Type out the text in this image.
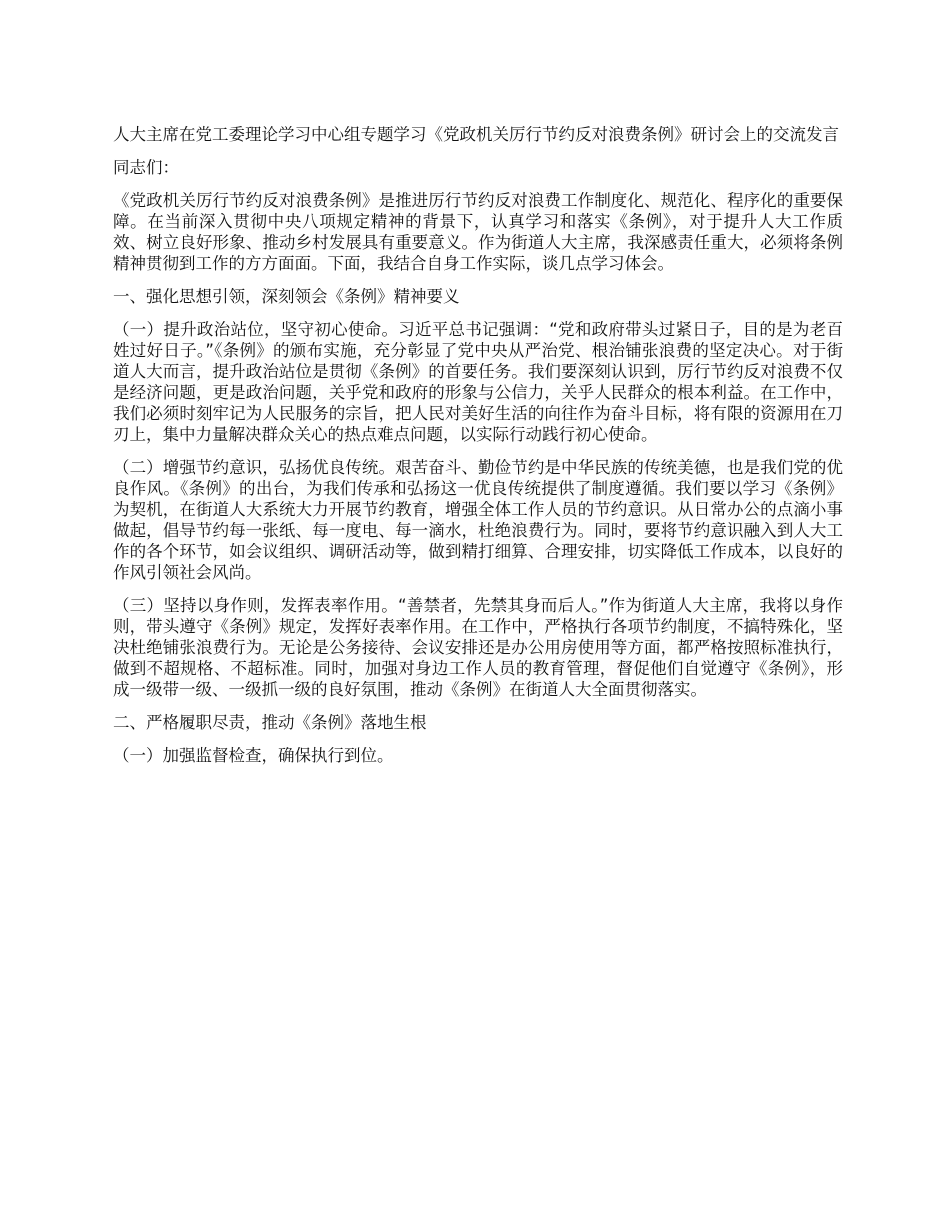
人大主席在党工委理论学习中心组专题学习《党政机关厉行节约反对浪费条例》研讨会上的交流发言

同志们：

《党政机关厉行节约反对浪费条例》是推进厉行节约反对浪费工作制度化、规范化、程序化的重要保障。在当前深入贯彻中央八项规定精神的背景下，认真学习和落实《条例》，对于提升人大工作质效、树立良好形象、推动乡村发展具有重要意义。作为街道人大主席，我深感责任重大，必须将条例精神贯彻到工作的方方面面。下面，我结合自身工作实际，谈几点学习体会。

一、强化思想引领，深刻领会《条例》精神要义

（一）提升政治站位，坚守初心使命。习近平总书记强调：“党和政府带头过紧日子，目的是为老百姓过好日子。”《条例》的颁布实施，充分彰显了党中央从严治党、根治铺张浪费的坚定决心。对于街道人大而言，提升政治站位是贯彻《条例》的首要任务。我们要深刻认识到，厉行节约反对浪费不仅是经济问题，更是政治问题，关乎党和政府的形象与公信力，关乎人民群众的根本利益。在工作中，我们必须时刻牢记为人民服务的宗旨，把人民对美好生活的向往作为奋斗目标，将有限的资源用在刀刃上，集中力量解决群众关心的热点难点问题，以实际行动践行初心使命。

（二）增强节约意识，弘扬优良传统。艰苦奋斗、勤俭节约是中华民族的传统美德，也是我们党的优良作风。《条例》的出台，为我们传承和弘扬这一优良传统提供了制度遵循。我们要以学习《条例》为契机，在街道人大系统大力开展节约教育，增强全体工作人员的节约意识。从日常办公的点滴小事做起，倡导节约每一张纸、每一度电、每一滴水，杜绝浪费行为。同时，要将节约意识融入到人大工作的各个环节，如会议组织、调研活动等，做到精打细算、合理安排，切实降低工作成本，以良好的作风引领社会风尚。

（三）坚持以身作则，发挥表率作用。“善禁者，先禁其身而后人。”作为街道人大主席，我将以身作则，带头遵守《条例》规定，发挥好表率作用。在工作中，严格执行各项节约制度，不搞特殊化，坚决杜绝铺张浪费行为。无论是公务接待、会议安排还是办公用房使用等方面，都严格按照标准执行，做到不超规格、不超标准。同时，加强对身边工作人员的教育管理，督促他们自觉遵守《条例》，形成一级带一级、一级抓一级的良好氛围，推动《条例》在街道人大全面贯彻落实。

二、严格履职尽责，推动《条例》落地生根

（一）加强监督检查，确保执行到位。
